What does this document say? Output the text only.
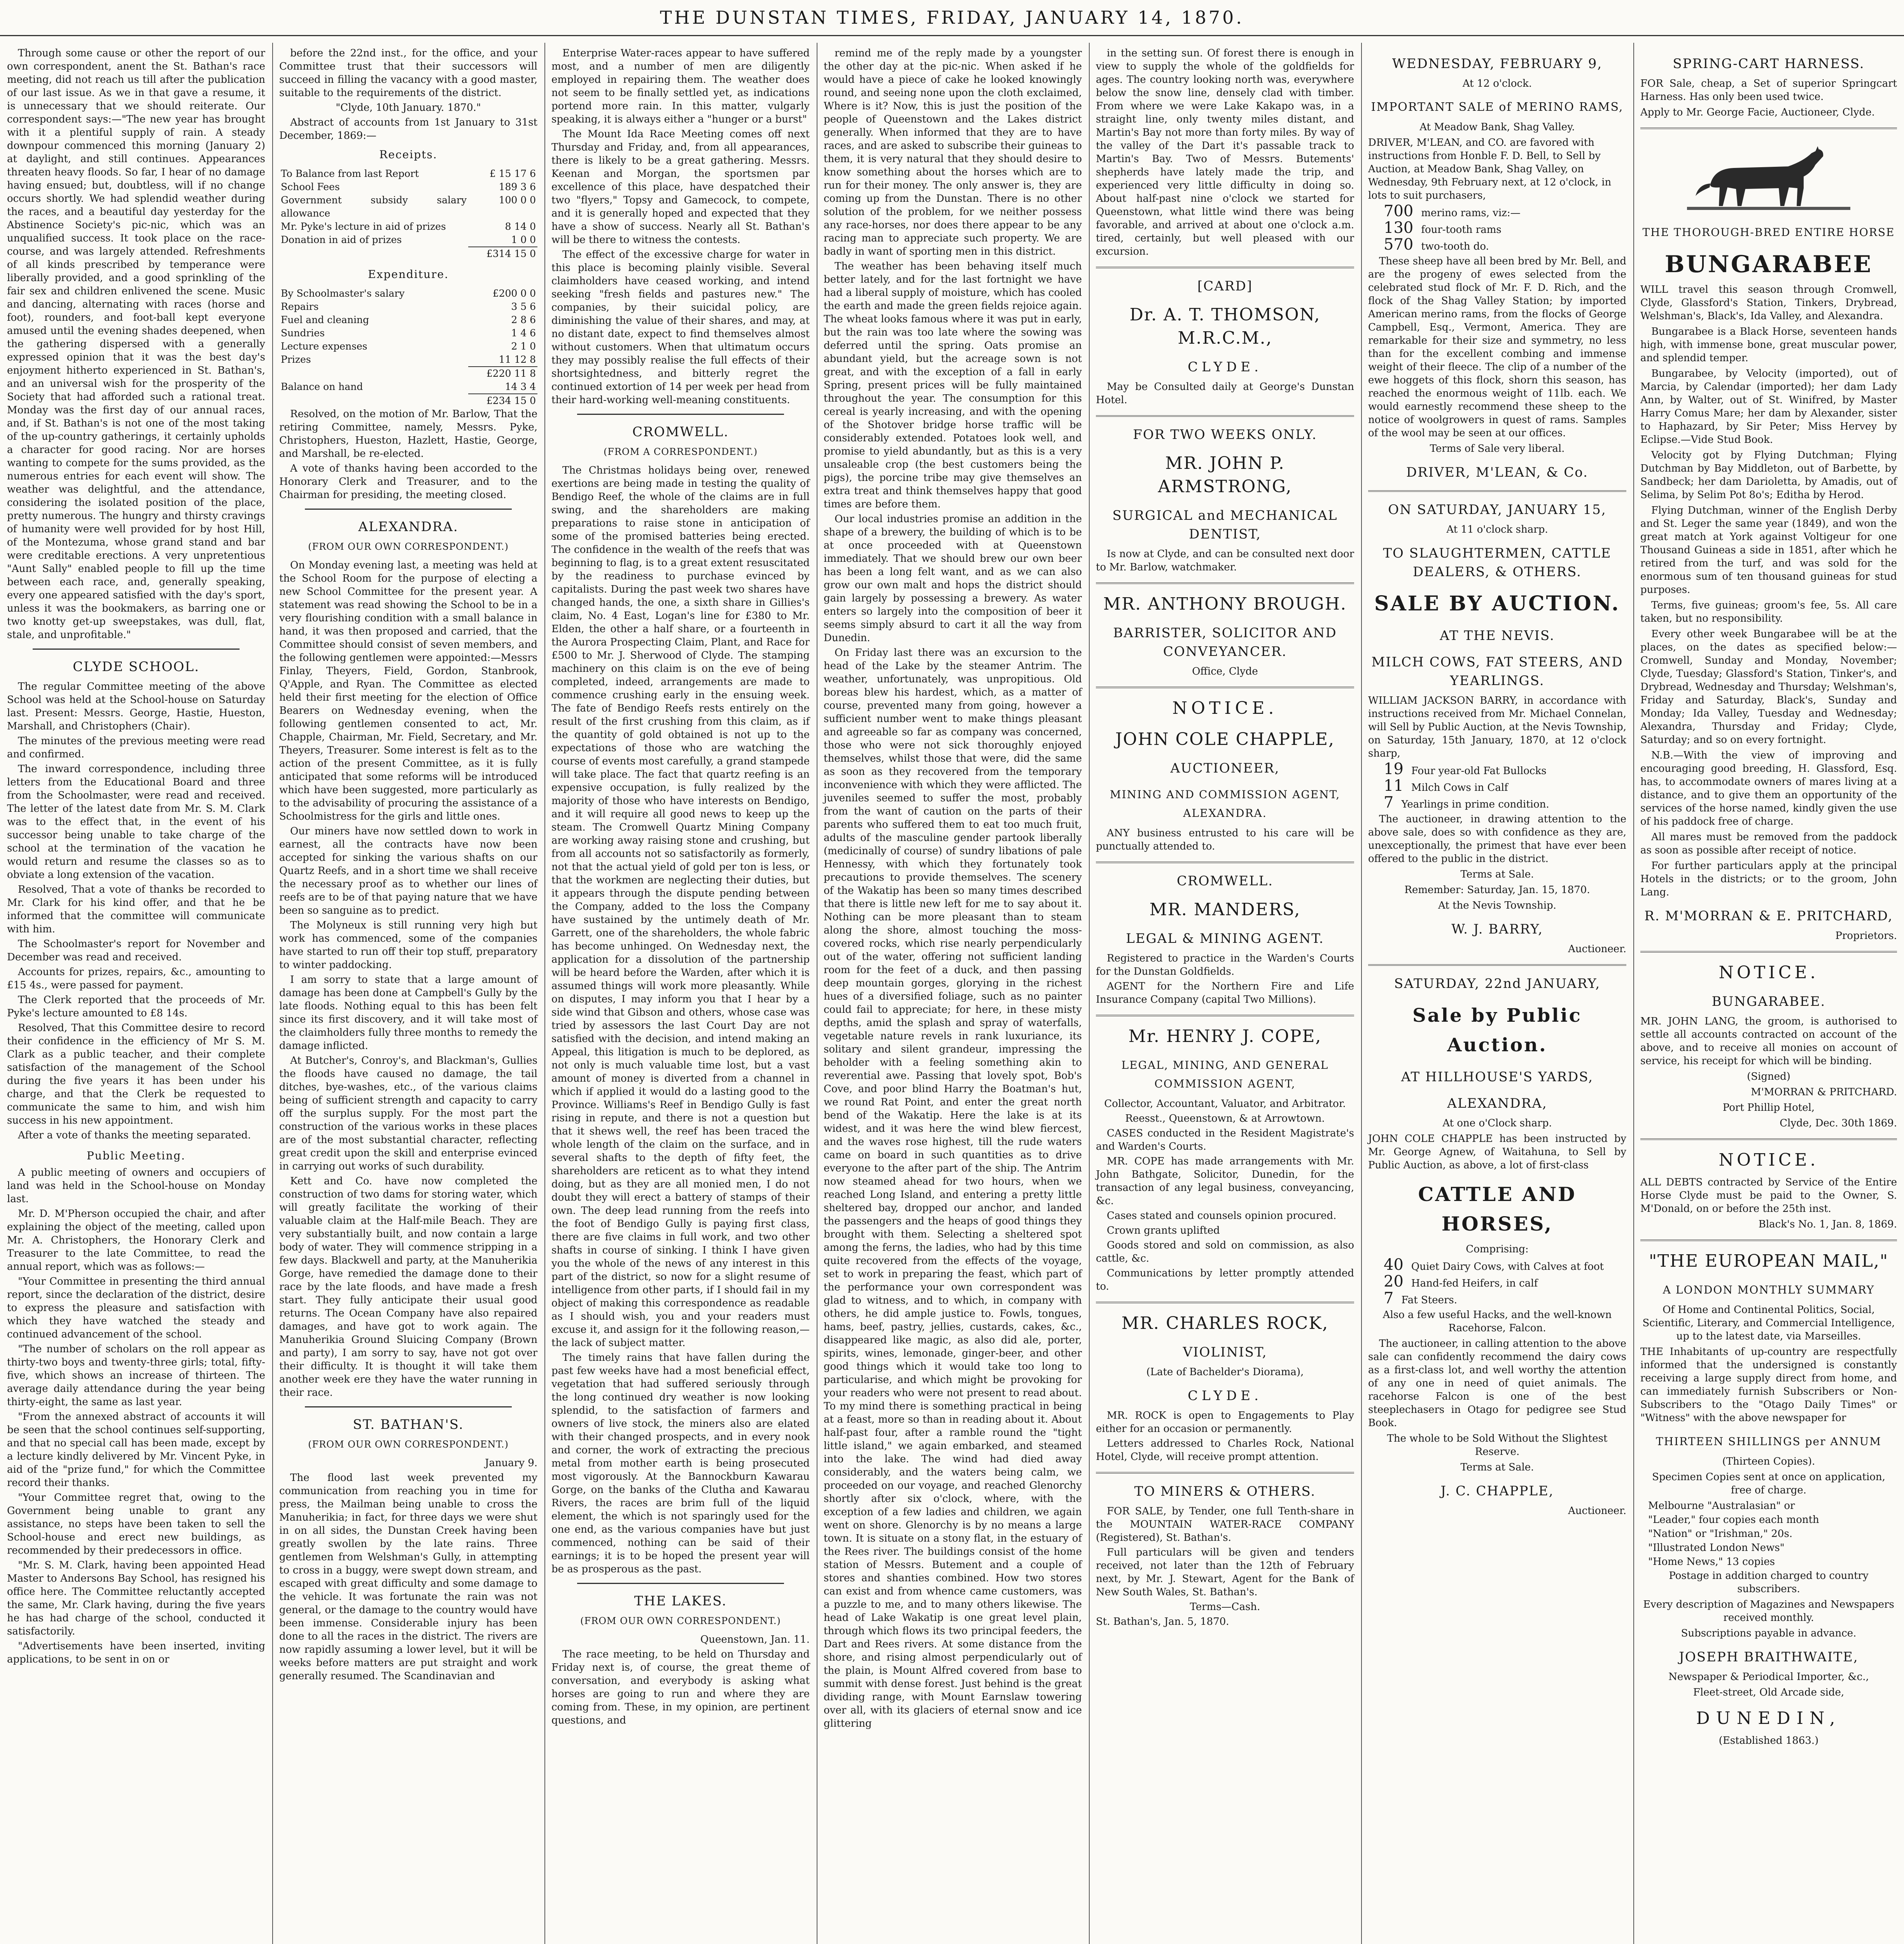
THE DUNSTAN TIMES, FRIDAY, JANUARY 14, 1870.

Through some cause or other the report of our own correspondent, anent the St. Bathan's race meeting, did not reach us till after the publication of our last issue. As we in that gave a resume, it is unnecessary that we should reiterate. Our correspondent says:—"The new year has brought with it a plentiful supply of rain. A steady downpour commenced this morning (January 2) at daylight, and still continues. Appearances threaten heavy floods. So far, I hear of no damage having ensued; but, doubtless, will if no change occurs shortly. We had splendid weather during the races, and a beautiful day yesterday for the Abstinence Society's pic-nic, which was an unqualified success. It took place on the race-course, and was largely attended. Refreshments of all kinds prescribed by temperance were liberally provided, and a good sprinkling of the fair sex and children enlivened the scene. Music and dancing, alternating with races (horse and foot), rounders, and foot-ball kept everyone amused until the evening shades deepened, when the gathering dispersed with a generally expressed opinion that it was the best day's enjoyment hitherto experienced in St. Bathan's, and an universal wish for the prosperity of the Society that had afforded such a rational treat. Monday was the first day of our annual races, and, if St. Bathan's is not one of the most taking of the up-country gatherings, it certainly upholds a character for good racing. Nor are horses wanting to compete for the sums provided, as the numerous entries for each event will show. The weather was delightful, and the attendance, considering the isolated position of the place, pretty numerous. The hungry and thirsty cravings of humanity were well provided for by host Hill, of the Montezuma, whose grand stand and bar were creditable erections. A very unpretentious "Aunt Sally" enabled people to fill up the time between each race, and, generally speaking, every one appeared satisfied with the day's sport, unless it was the bookmakers, as barring one or two knotty get-up sweepstakes, was dull, flat, stale, and unprofitable."

CLYDE SCHOOL.

The regular Committee meeting of the above School was held at the School-house on Saturday last. Present: Messrs. George, Hastie, Hueston, Marshall, and Christophers (Chair).

The minutes of the previous meeting were read and confirmed.

The inward correspondence, including three letters from the Educational Board and three from the Schoolmaster, were read and received. The letter of the latest date from Mr. S. M. Clark was to the effect that, in the event of his successor being unable to take charge of the school at the termination of the vacation he would return and resume the classes so as to obviate a long extension of the vacation.

Resolved, That a vote of thanks be recorded to Mr. Clark for his kind offer, and that he be informed that the committee will communicate with him.

The Schoolmaster's report for November and December was read and received.

Accounts for prizes, repairs, &c., amounting to £15 4s., were passed for payment.

The Clerk reported that the proceeds of Mr. Pyke's lecture amounted to £8 14s.

Resolved, That this Committee desire to record their confidence in the efficiency of Mr S. M. Clark as a public teacher, and their complete satisfaction of the management of the School during the five years it has been under his charge, and that the Clerk be requested to communicate the same to him, and wish him success in his new appointment.

After a vote of thanks the meeting separated.

Public Meeting.

A public meeting of owners and occupiers of land was held in the School-house on Monday last.

Mr. D. M'Pherson occupied the chair, and after explaining the object of the meeting, called upon Mr. A. Christophers, the Honorary Clerk and Treasurer to the late Committee, to read the annual report, which was as follows:—

"Your Committee in presenting the third annual report, since the declaration of the district, desire to express the pleasure and satisfaction with which they have watched the steady and continued advancement of the school.

"The number of scholars on the roll appear as thirty-two boys and twenty-three girls; total, fifty-five, which shows an increase of thirteen. The average daily attendance during the year being thirty-eight, the same as last year.

"From the annexed abstract of accounts it will be seen that the school continues self-supporting, and that no special call has been made, except by a lecture kindly delivered by Mr. Vincent Pyke, in aid of the "prize fund," for which the Committee record their thanks.

"Your Committee regret that, owing to the Government being unable to grant any assistance, no steps have been taken to sell the School-house and erect new buildings, as recommended by their predecessors in office.

"Mr. S. M. Clark, having been appointed Head Master to Andersons Bay School, has resigned his office here. The Committee reluctantly accepted the same, Mr. Clark having, during the five years he has had charge of the school, conducted it satisfactorily.

"Advertisements have been inserted, inviting applications, to be sent in on or

before the 22nd inst., for the office, and your Committee trust that their successors will succeed in filling the vacancy with a good master, suitable to the requirements of the district.

"Clyde, 10th January. 1870."

Abstract of accounts from 1st January to 31st December, 1869:—

Receipts.
To Balance from last Report	£ 15 17 6
School Fees	189 3 6
Government subsidy salary allowance	100 0 0
Mr. Pyke's lecture in aid of prizes	8 14 0
Donation in aid of prizes	1 0 0
	£314 15 0
Expenditure.
By Schoolmaster's salary	£200 0 0
Repairs	3 5 6
Fuel and cleaning	2 8 6
Sundries	1 4 6
Lecture expenses	2 1 0
Prizes	11 12 8
	£220 11 8
Balance on hand	14 3 4
	£234 15 0

Resolved, on the motion of Mr. Barlow, That the retiring Committee, namely, Messrs. Pyke, Christophers, Hueston, Hazlett, Hastie, George, and Marshall, be re-elected.

A vote of thanks having been accorded to the Honorary Clerk and Treasurer, and to the Chairman for presiding, the meeting closed.

ALEXANDRA.
(FROM OUR OWN CORRESPONDENT.)

On Monday evening last, a meeting was held at the School Room for the purpose of electing a new School Committee for the present year. A statement was read showing the School to be in a very flourishing condition with a small balance in hand, it was then proposed and carried, that the Committee should consist of seven members, and the following gentlemen were appointed:—Messrs Finlay, Theyers, Field, Gordon, Stanbrook, Q'Apple, and Ryan. The Committee as elected held their first meeting for the election of Office Bearers on Wednesday evening, when the following gentlemen consented to act, Mr. Chapple, Chairman, Mr. Field, Secretary, and Mr. Theyers, Treasurer. Some interest is felt as to the action of the present Committee, as it is fully anticipated that some reforms will be introduced which have been suggested, more particularly as to the advisability of procuring the assistance of a Schoolmistress for the girls and little ones.

Our miners have now settled down to work in earnest, all the contracts have now been accepted for sinking the various shafts on our Quartz Reefs, and in a short time we shall receive the necessary proof as to whether our lines of reefs are to be of that paying nature that we have been so sanguine as to predict.

The Molyneux is still running very high but work has commenced, some of the companies have started to run off their top stuff, preparatory to winter paddocking.

I am sorry to state that a large amount of damage has been done at Campbell's Gully by the late floods. Nothing equal to this has been felt since its first discovery, and it will take most of the claimholders fully three months to remedy the damage inflicted.

At Butcher's, Conroy's, and Blackman's, Gullies the floods have caused no damage, the tail ditches, bye-washes, etc., of the various claims being of sufficient strength and capacity to carry off the surplus supply. For the most part the construction of the various works in these places are of the most substantial character, reflecting great credit upon the skill and enterprise evinced in carrying out works of such durability.

Kett and Co. have now completed the construction of two dams for storing water, which will greatly facilitate the working of their valuable claim at the Half-mile Beach. They are very substantially built, and now contain a large body of water. They will commence stripping in a few days. Blackwell and party, at the Manuherikia Gorge, have remedied the damage done to their race by the late floods, and have made a fresh start. They fully anticipate their usual good returns. The Ocean Company have also repaired damages, and have got to work again. The Manuherikia Ground Sluicing Company (Brown and party), I am sorry to say, have not got over their difficulty. It is thought it will take them another week ere they have the water running in their race.

ST. BATHAN'S.
(FROM OUR OWN CORRESPONDENT.)

January 9.

The flood last week prevented my communication from reaching you in time for press, the Mailman being unable to cross the Manuherikia; in fact, for three days we were shut in on all sides, the Dunstan Creek having been greatly swollen by the late rains. Three gentlemen from Welshman's Gully, in attempting to cross in a buggy, were swept down stream, and escaped with great difficulty and some damage to the vehicle. It was fortunate the rain was not general, or the damage to the country would have been immense. Considerable injury has been done to all the races in the district. The rivers are now rapidly assuming a lower level, but it will be weeks before matters are put straight and work generally resumed. The Scandinavian and

Enterprise Water-races appear to have suffered most, and a number of men are diligently employed in repairing them. The weather does not seem to be finally settled yet, as indications portend more rain. In this matter, vulgarly speaking, it is always either a "hunger or a burst"

The Mount Ida Race Meeting comes off next Thursday and Friday, and, from all appearances, there is likely to be a great gathering. Messrs. Keenan and Morgan, the sportsmen par excellence of this place, have despatched their two "flyers," Topsy and Gamecock, to compete, and it is generally hoped and expected that they have a show of success. Nearly all St. Bathan's will be there to witness the contests.

The effect of the excessive charge for water in this place is becoming plainly visible. Several claimholders have ceased working, and intend seeking "fresh fields and pastures new." The companies, by their suicidal policy, are diminishing the value of their shares, and may, at no distant date, expect to find themselves almost without customers. When that ultimatum occurs they may possibly realise the full effects of their shortsightedness, and bitterly regret the continued extortion of 14 per week per head from their hard-working well-meaning constituents.

CROMWELL.
(FROM A CORRESPONDENT.)

The Christmas holidays being over, renewed exertions are being made in testing the quality of Bendigo Reef, the whole of the claims are in full swing, and the shareholders are making preparations to raise stone in anticipation of some of the promised batteries being erected. The confidence in the wealth of the reefs that was beginning to flag, is to a great extent resuscitated by the readiness to purchase evinced by capitalists. During the past week two shares have changed hands, the one, a sixth share in Gillies's claim, No. 4 East, Logan's line for £380 to Mr. Elden, the other a half share, or a fourteenth in the Aurora Prospecting Claim, Plant, and Race for £500 to Mr. J. Sherwood of Clyde. The stamping machinery on this claim is on the eve of being completed, indeed, arrangements are made to commence crushing early in the ensuing week. The fate of Bendigo Reefs rests entirely on the result of the first crushing from this claim, as if the quantity of gold obtained is not up to the expectations of those who are watching the course of events most carefully, a grand stampede will take place. The fact that quartz reefing is an expensive occupation, is fully realized by the majority of those who have interests on Bendigo, and it will require all good news to keep up the steam. The Cromwell Quartz Mining Company are working away raising stone and crushing, but from all accounts not so satisfactorily as formerly, not that the actual yield of gold per ton is less, or that the workmen are neglecting their duties, but it appears through the dispute pending between the Company, added to the loss the Company have sustained by the untimely death of Mr. Garrett, one of the shareholders, the whole fabric has become unhinged. On Wednesday next, the application for a dissolution of the partnership will be heard before the Warden, after which it is assumed things will work more pleasantly. While on disputes, I may inform you that I hear by a side wind that Gibson and others, whose case was tried by assessors the last Court Day are not satisfied with the decision, and intend making an Appeal, this litigation is much to be deplored, as not only is much valuable time lost, but a vast amount of money is diverted from a channel in which if applied it would do a lasting good to the Province. Williams's Reef in Bendigo Gully is fast rising in repute, and there is not a question but that it shews well, the reef has been traced the whole length of the claim on the surface, and in several shafts to the depth of fifty feet, the shareholders are reticent as to what they intend doing, but as they are all monied men, I do not doubt they will erect a battery of stamps of their own. The deep lead running from the reefs into the foot of Bendigo Gully is paying first class, there are five claims in full work, and two other shafts in course of sinking. I think I have given you the whole of the news of any interest in this part of the district, so now for a slight resume of intelligence from other parts, if I should fail in my object of making this correspondence as readable as I should wish, you and your readers must excuse it, and assign for it the following reason,—the lack of subject matter.

The timely rains that have fallen during the past few weeks have had a most beneficial effect, vegetation that had suffered seriously through the long continued dry weather is now looking splendid, to the satisfaction of farmers and owners of live stock, the miners also are elated with their changed prospects, and in every nook and corner, the work of extracting the precious metal from mother earth is being prosecuted most vigorously. At the Bannockburn Kawarau Gorge, on the banks of the Clutha and Kawarau Rivers, the races are brim full of the liquid element, the which is not sparingly used for the one end, as the various companies have but just commenced, nothing can be said of their earnings; it is to be hoped the present year will be as prosperous as the past.

THE LAKES.
(FROM OUR OWN CORRESPONDENT.)

Queenstown, Jan. 11.

The race meeting, to be held on Thursday and Friday next is, of course, the great theme of conversation, and everybody is asking what horses are going to run and where they are coming from. These, in my opinion, are pertinent questions, and

remind me of the reply made by a youngster the other day at the pic-nic. When asked if he would have a piece of cake he looked knowingly round, and seeing none upon the cloth exclaimed, Where is it? Now, this is just the position of the people of Queenstown and the Lakes district generally. When informed that they are to have races, and are asked to subscribe their guineas to them, it is very natural that they should desire to know something about the horses which are to run for their money. The only answer is, they are coming up from the Dunstan. There is no other solution of the problem, for we neither possess any race-horses, nor does there appear to be any racing man to appreciate such property. We are badly in want of sporting men in this district.

The weather has been behaving itself much better lately, and for the last fortnight we have had a liberal supply of moisture, which has cooled the earth and made the green fields rejoice again. The wheat looks famous where it was put in early, but the rain was too late where the sowing was deferred until the spring. Oats promise an abundant yield, but the acreage sown is not great, and with the exception of a fall in early Spring, present prices will be fully maintained throughout the year. The consumption for this cereal is yearly increasing, and with the opening of the Shotover bridge horse traffic will be considerably extended. Potatoes look well, and promise to yield abundantly, but as this is a very unsaleable crop (the best customers being the pigs), the porcine tribe may give themselves an extra treat and think themselves happy that good times are before them.

Our local industries promise an addition in the shape of a brewery, the building of which is to be at once proceeded with at Queenstown immediately. That we should brew our own beer has been a long felt want, and as we can also grow our own malt and hops the district should gain largely by possessing a brewery. As water enters so largely into the composition of beer it seems simply absurd to cart it all the way from Dunedin.

On Friday last there was an excursion to the head of the Lake by the steamer Antrim. The weather, unfortunately, was unpropitious. Old boreas blew his hardest, which, as a matter of course, prevented many from going, however a sufficient number went to make things pleasant and agreeable so far as company was concerned, those who were not sick thoroughly enjoyed themselves, whilst those that were, did the same as soon as they recovered from the temporary inconvenience with which they were afflicted. The juveniles seemed to suffer the most, probably from the want of caution on the parts of their parents who suffered them to eat too much fruit, adults of the masculine gender partook liberally (medicinally of course) of sundry libations of pale Hennessy, with which they fortunately took precautions to provide themselves. The scenery of the Wakatip has been so many times described that there is little new left for me to say about it. Nothing can be more pleasant than to steam along the shore, almost touching the moss-covered rocks, which rise nearly perpendicularly out of the water, offering not sufficient landing room for the feet of a duck, and then passing deep mountain gorges, glorying in the richest hues of a diversified foliage, such as no painter could fail to appreciate; for here, in these misty depths, amid the splash and spray of waterfalls, vegetable nature revels in rank luxuriance, its solitary and silent grandeur, impressing the beholder with a feeling something akin to reverential awe. Passing that lovely spot, Bob's Cove, and poor blind Harry the Boatman's hut, we round Rat Point, and enter the great north bend of the Wakatip. Here the lake is at its widest, and it was here the wind blew fiercest, and the waves rose highest, till the rude waters came on board in such quantities as to drive everyone to the after part of the ship. The Antrim now steamed ahead for two hours, when we reached Long Island, and entering a pretty little sheltered bay, dropped our anchor, and landed the passengers and the heaps of good things they brought with them. Selecting a sheltered spot among the ferns, the ladies, who had by this time quite recovered from the effects of the voyage, set to work in preparing the feast, which part of the performance your own correspondent was glad to witness, and to which, in company with others, he did ample justice to. Fowls, tongues, hams, beef, pastry, jellies, custards, cakes, &c., disappeared like magic, as also did ale, porter, spirits, wines, lemonade, ginger-beer, and other good things which it would take too long to particularise, and which might be provoking for your readers who were not present to read about. To my mind there is something practical in being at a feast, more so than in reading about it. About half-past four, after a ramble round the "tight little island," we again embarked, and steamed into the lake. The wind had died away considerably, and the waters being calm, we proceeded on our voyage, and reached Glenorchy shortly after six o'clock, where, with the exception of a few ladies and children, we again went on shore. Glenorchy is by no means a large town. It is situate on a stony flat, in the estuary of the Rees river. The buildings consist of the home station of Messrs. Butement and a couple of stores and shanties combined. How two stores can exist and from whence came customers, was a puzzle to me, and to many others likewise. The head of Lake Wakatip is one great level plain, through which flows its two principal feeders, the Dart and Rees rivers. At some distance from the shore, and rising almost perpendicularly out of the plain, is Mount Alfred covered from base to summit with dense forest. Just behind is the great dividing range, with Mount Earnslaw towering over all, with its glaciers of eternal snow and ice glittering

in the setting sun. Of forest there is enough in view to supply the whole of the goldfields for ages. The country looking north was, everywhere below the snow line, densely clad with timber. From where we were Lake Kakapo was, in a straight line, only twenty miles distant, and Martin's Bay not more than forty miles. By way of the valley of the Dart it's passable track to Martin's Bay. Two of Messrs. Butements' shepherds have lately made the trip, and experienced very little difficulty in doing so. About half-past nine o'clock we started for Queenstown, what little wind there was being favorable, and arrived at about one o'clock a.m. tired, certainly, but well pleased with our excursion.

[CARD]
Dr. A. T. THOMSON, M.R.C.M.,
CLYDE.

May be Consulted daily at George's Dunstan Hotel.

FOR TWO WEEKS ONLY.
MR. JOHN P. ARMSTRONG,
SURGICAL and MECHANICAL DENTIST,

Is now at Clyde, and can be consulted next door to Mr. Barlow, watchmaker.

MR. ANTHONY BROUGH.
BARRISTER, SOLICITOR AND CONVEYANCER.

Office, Clyde

NOTICE.
JOHN COLE CHAPPLE,
AUCTIONEER,
MINING AND COMMISSION AGENT, ALEXANDRA.

ANY business entrusted to his care will be punctually attended to.

CROMWELL.
MR. MANDERS,
LEGAL & MINING AGENT.

Registered to practice in the Warden's Courts for the Dunstan Goldfields.

AGENT for the Northern Fire and Life Insurance Company (capital Two Millions).

Mr. HENRY J. COPE,
LEGAL, MINING, AND GENERAL COMMISSION AGENT,

Collector, Accountant, Valuator, and Arbitrator.

Reesst., Queenstown, & at Arrowtown.

CASES conducted in the Resident Magistrate's and Warden's Courts.

MR. COPE has made arrangements with Mr. John Bathgate, Solicitor, Dunedin, for the transaction of any legal business, conveyancing, &c.

Cases stated and counsels opinion procured.

Crown grants uplifted

Goods stored and sold on commission, as also cattle, &c.

Communications by letter promptly attended to.

MR. CHARLES ROCK,
VIOLINIST,

(Late of Bachelder's Diorama),

CLYDE.

MR. ROCK is open to Engagements to Play either for an occasion or permanently.

Letters addressed to Charles Rock, National Hotel, Clyde, will receive prompt attention.

TO MINERS & OTHERS.

FOR SALE, by Tender, one full Tenth-share in the MOUNTAIN WATER-RACE COMPANY (Registered), St. Bathan's.

Full particulars will be given and tenders received, not later than the 12th of February next, by Mr. J. Stewart, Agent for the Bank of New South Wales, St. Bathan's.

Terms—Cash.

St. Bathan's, Jan. 5, 1870.

WEDNESDAY, FEBRUARY 9,

At 12 o'clock.

IMPORTANT SALE of MERINO RAMS,

At Meadow Bank, Shag Valley.

DRIVER, M'LEAN, and CO. are favored with instructions from Honble F. D. Bell, to Sell by Auction, at Meadow Bank, Shag Valley, on Wednesday, 9th February next, at 12 o'clock, in lots to suit purchasers,

700 merino rams, viz:—
130 four-tooth rams
570 two-tooth do.

These sheep have all been bred by Mr. Bell, and are the progeny of ewes selected from the celebrated stud flock of Mr. F. D. Rich, and the flock of the Shag Valley Station; by imported American merino rams, from the flocks of George Campbell, Esq., Vermont, America. They are remarkable for their size and symmetry, no less than for the excellent combing and immense weight of their fleece. The clip of a number of the ewe hoggets of this flock, shorn this season, has reached the enormous weight of 11lb. each. We would earnestly recommend these sheep to the notice of woolgrowers in quest of rams. Samples of the wool may be seen at our offices.

Terms of Sale very liberal.

DRIVER, M'LEAN, & Co.
ON SATURDAY, JANUARY 15,

At 11 o'clock sharp.

TO SLAUGHTERMEN, CATTLE DEALERS, & OTHERS.
SALE BY AUCTION.
AT THE NEVIS.
MILCH COWS, FAT STEERS, AND YEARLINGS.

WILLIAM JACKSON BARRY, in accordance with instructions received from Mr. Michael Connelan, will Sell by Public Auction, at the Nevis Township, on Saturday, 15th January, 1870, at 12 o'clock sharp,

19 Four year-old Fat Bullocks
11 Milch Cows in Calf
7 Yearlings in prime condition.

The auctioneer, in drawing attention to the above sale, does so with confidence as they are, unexceptionally, the primest that have ever been offered to the public in the district.

Terms at Sale.

Remember: Saturday, Jan. 15, 1870.

At the Nevis Township.

W. J. BARRY,

Auctioneer.

SATURDAY, 22nd JANUARY,
Sale by Public Auction.
AT HILLHOUSE'S YARDS,
ALEXANDRA,

At one o'Clock sharp.

JOHN COLE CHAPPLE has been instructed by Mr. George Agnew, of Waitahuna, to Sell by Public Auction, as above, a lot of first-class

CATTLE AND HORSES,

Comprising:

40 Quiet Dairy Cows, with Calves at foot
20 Hand-fed Heifers, in calf
7 Fat Steers.

Also a few useful Hacks, and the well-known Racehorse, Falcon.

The auctioneer, in calling attention to the above sale can confidently recommend the dairy cows as a first-class lot, and well worthy the attention of any one in need of quiet animals. The racehorse Falcon is one of the best steeplechasers in Otago for pedigree see Stud Book.

The whole to be Sold Without the Slightest Reserve.

Terms at Sale.

J. C. CHAPPLE,

Auctioneer.

SPRING-CART HARNESS.

FOR Sale, cheap, a Set of superior Springcart Harness. Has only been used twice.

Apply to Mr. George Facie, Auctioneer, Clyde.

THE THOROUGH-BRED ENTIRE HORSE
BUNGARABEE

WILL travel this season through Cromwell, Clyde, Glassford's Station, Tinkers, Drybread, Welshman's, Black's, Ida Valley, and Alexandra.

Bungarabee is a Black Horse, seventeen hands high, with immense bone, great muscular power, and splendid temper.

Bungarabee, by Velocity (imported), out of Marcia, by Calendar (imported); her dam Lady Ann, by Walter, out of St. Winifred, by Master Harry Comus Mare; her dam by Alexander, sister to Haphazard, by Sir Peter; Miss Hervey by Eclipse.—Vide Stud Book.

Velocity got by Flying Dutchman; Flying Dutchman by Bay Middleton, out of Barbette, by Sandbeck; her dam Darioletta, by Amadis, out of Selima, by Selim Pot 8o's; Editha by Herod.

Flying Dutchman, winner of the English Derby and St. Leger the same year (1849), and won the great match at York against Voltigeur for one Thousand Guineas a side in 1851, after which he retired from the turf, and was sold for the enormous sum of ten thousand guineas for stud purposes.

Terms, five guineas; groom's fee, 5s. All care taken, but no responsibility.

Every other week Bungarabee will be at the places, on the dates as specified below:—Cromwell, Sunday and Monday, November; Clyde, Tuesday; Glassford's Station, Tinker's, and Drybread, Wednesday and Thursday; Welshman's, Friday and Saturday, Black's, Sunday and Monday; Ida Valley, Tuesday and Wednesday; Alexandra, Thursday and Friday; Clyde, Saturday; and so on every fortnight.

N.B.—With the view of improving and encouraging good breeding, H. Glassford, Esq. has, to accommodate owners of mares living at a distance, and to give them an opportunity of the services of the horse named, kindly given the use of his paddock free of charge.

All mares must be removed from the paddock as soon as possible after receipt of notice.

For further particulars apply at the principal Hotels in the districts; or to the groom, John Lang.

R. M'MORRAN & E. PRITCHARD,

Proprietors.

NOTICE.
BUNGARABEE.

MR. JOHN LANG, the groom, is authorised to settle all accounts contracted on account of the above, and to receive all monies on account of service, his receipt for which will be binding.

(Signed)

M'MORRAN & PRITCHARD.

Port Phillip Hotel,

Clyde, Dec. 30th 1869.

NOTICE.

ALL DEBTS contracted by Service of the Entire Horse Clyde must be paid to the Owner, S. M'Donald, on or before the 25th inst.

Black's No. 1, Jan. 8, 1869.

"THE EUROPEAN MAIL,"
A LONDON MONTHLY SUMMARY

Of Home and Continental Politics, Social, Scientific, Literary, and Commercial Intelligence, up to the latest date, via Marseilles.

THE Inhabitants of up-country are respectfully informed that the undersigned is constantly receiving a large supply direct from home, and can immediately furnish Subscribers or Non-Subscribers to the "Otago Daily Times" or "Witness" with the above newspaper for

THIRTEEN SHILLINGS per ANNUM

(Thirteen Copies).

Specimen Copies sent at once on application, free of charge.

Melbourne "Australasian" or

"Leader," four copies each month

"Nation" or "Irishman," 20s.

"Illustrated London News"

"Home News," 13 copies

Postage in addition charged to country subscribers.

Every description of Magazines and Newspapers received monthly.

Subscriptions payable in advance.

JOSEPH BRAITHWAITE,

Newspaper & Periodical Importer, &c.,

Fleet-street, Old Arcade side,

DUNEDIN,

(Established 1863.)
